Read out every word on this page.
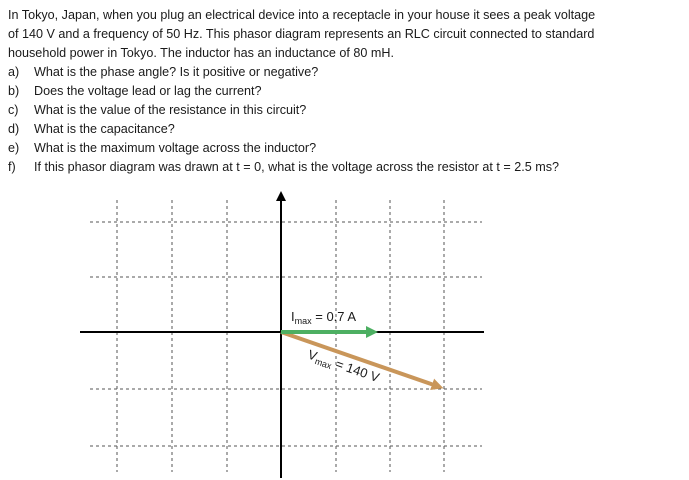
In Tokyo, Japan, when you plug an electrical device into a receptacle in your house it sees a peak voltage
of 140 V and a frequency of 50 Hz. This phasor diagram represents an RLC circuit connected to standard
household power in Tokyo. The inductor has an inductance of 80 mH.

a)	What is the phase angle? Is it positive or negative?
b)	Does the voltage lead or lag the current?
c)	What is the value of the resistance in this circuit?
d)	What is the capacitance?
e)	What is the maximum voltage across the inductor?
f)	If this phasor diagram was drawn at t = 0, what is the voltage across the resistor at t = 2.5 ms?
$I_{max} = 0.7$ A
$V_{max} = 140$ V
